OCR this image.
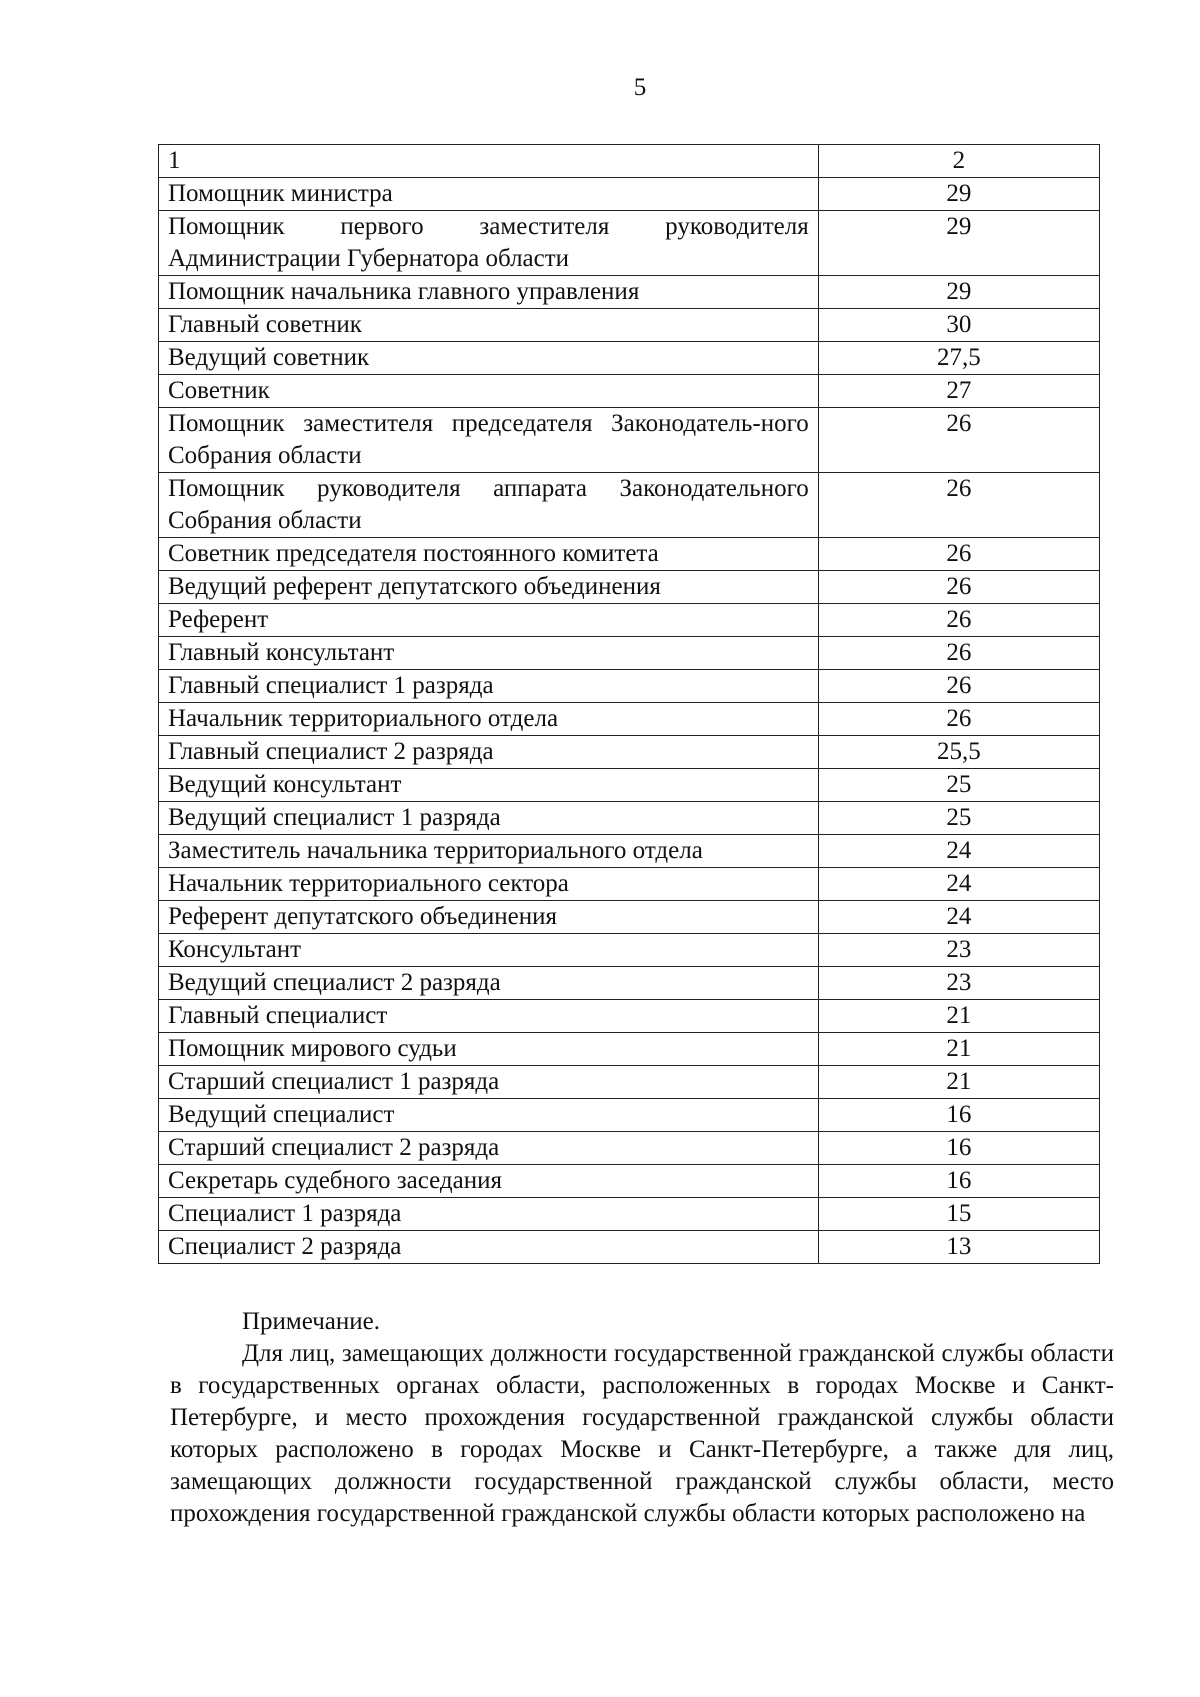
5
1	2
Помощник министра	29
Помощник первого заместителя руководителя Администрации Губернатора области	29
Помощник начальника главного управления	29
Главный советник	30
Ведущий советник	27,5
Советник	27
Помощник заместителя председателя Законодатель-ного Собрания области	26
Помощник руководителя аппарата Законодательного Собрания области	26
Советник председателя постоянного комитета	26
Ведущий референт депутатского объединения	26
Референт	26
Главный консультант	26
Главный специалист 1 разряда	26
Начальник территориального отдела	26
Главный специалист 2 разряда	25,5
Ведущий консультант	25
Ведущий специалист 1 разряда	25
Заместитель начальника территориального отдела	24
Начальник территориального сектора	24
Референт депутатского объединения	24
Консультант	23
Ведущий специалист 2 разряда	23
Главный специалист	21
Помощник мирового судьи	21
Старший специалист 1 разряда	21
Ведущий специалист	16
Старший специалист 2 разряда	16
Секретарь судебного заседания	16
Специалист 1 разряда	15
Специалист 2 разряда	13
Примечание.
Для лиц, замещающих должности государственной гражданской службы области в государственных органах области, расположенных в городах Москве и Санкт-Петербурге, и место прохождения государственной гражданской службы области которых расположено в городах Москве и Санкт-Петербурге, а также для лиц, замещающих должности государственной гражданской службы области, место прохождения государственной гражданской службы области которых расположено на
